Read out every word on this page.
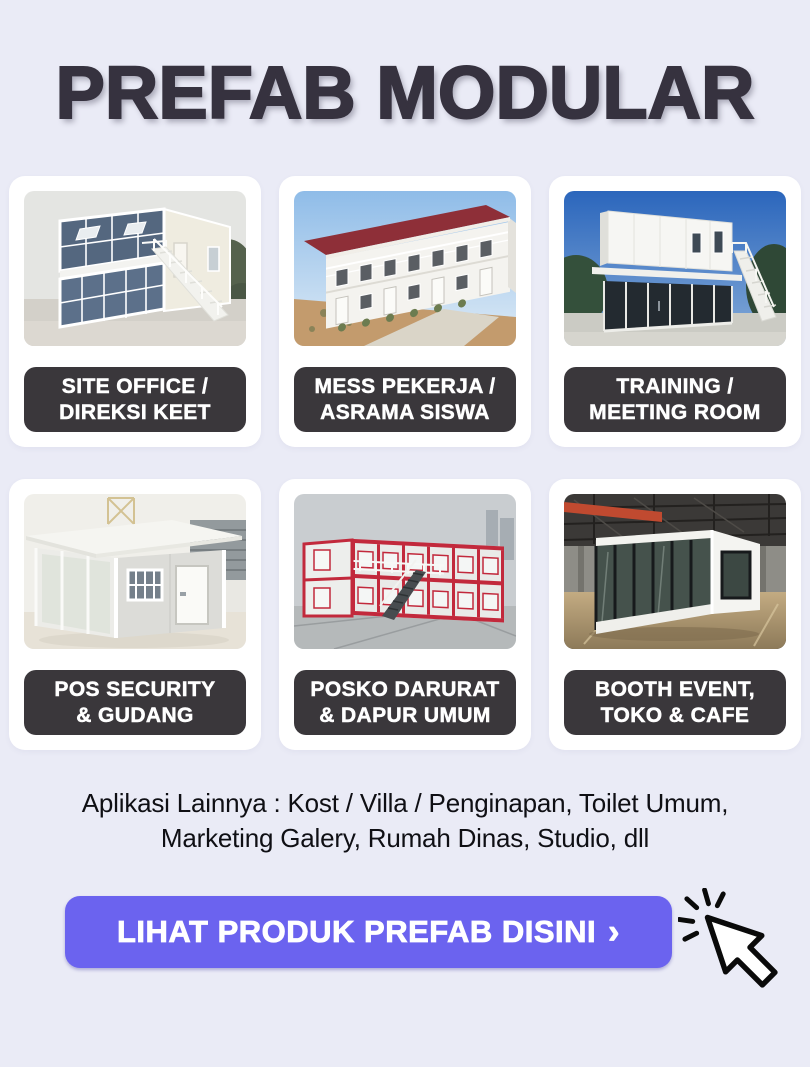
PREFAB MODULAR
SITE OFFICE /
DIREKSI KEET
MESS PEKERJA /
ASRAMA SISWA
TRAINING /
MEETING ROOM
POS SECURITY
& GUDANG
POSKO DARURAT
& DAPUR UMUM
BOOTH EVENT,
TOKO & CAFE
Aplikasi Lainnya : Kost / Villa / Penginapan, Toilet Umum,
Marketing Galery, Rumah Dinas, Studio, dll
LIHAT PRODUK PREFAB DISINI ›
